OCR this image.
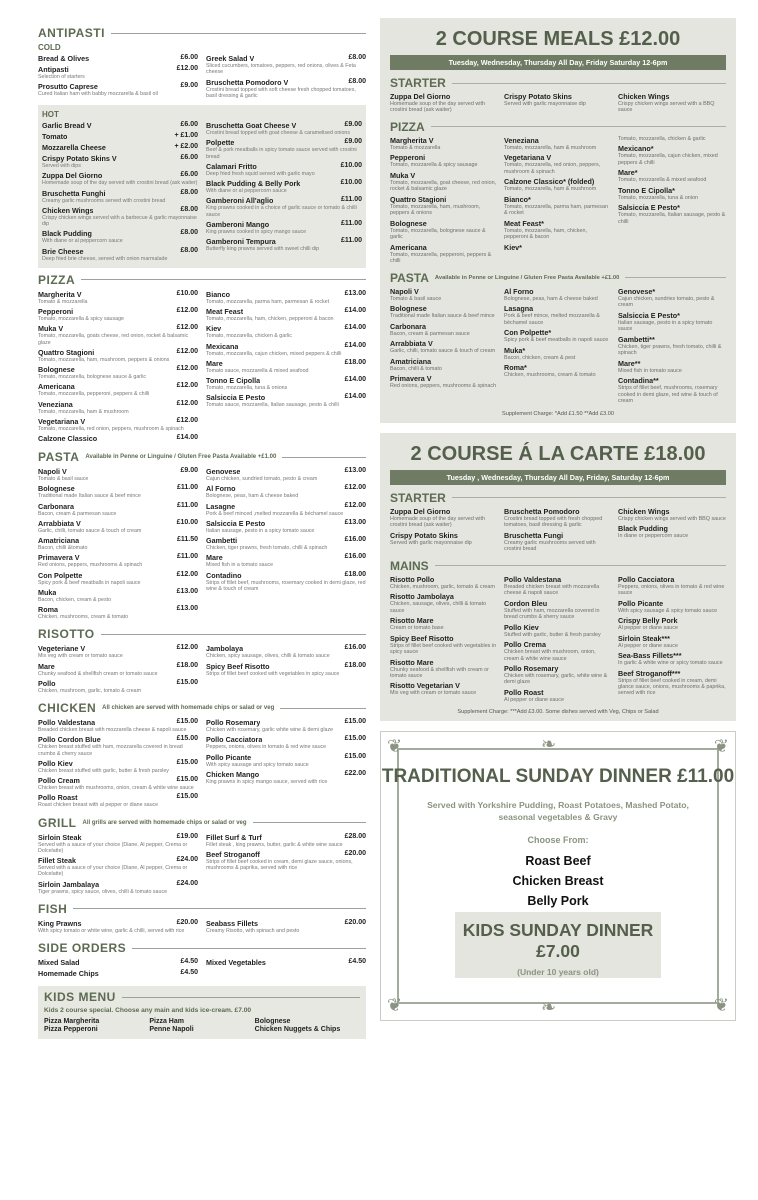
ANTIPASTI
COLD
Bread & Olives	£6.00
Antipasti	£12.00
Selection of starters
Prosutto Caprese	£9.00
Cured Italian ham with babby mozzarella & basil oil
Greek Salad V	£8.00
Sliced cucumbers, tomatoes, peppers, red onions, olives & Feta cheese
Bruschetta Pomodoro V	£8.00
Crostini bread topped with soft cheese fresh chopped tomatoes, basil dressing & garlic
HOT
Garlic Bread V	£6.00
Tomato	+ £1.00
Mozzarella Cheese	+ £2.00
Crispy Potato Skins V	£6.00
Served with dips
Zuppa Del Giorno	£6.00
Homemade soup of the day served with crostini bread (ask waiter)
Bruschetta Funghi	£8.00
Creamy garlic mushrooms served with crostini bread
Chicken Wings	£8.00
Crispy chicken wings served with a barbecue & garlic mayonnaise dip
Black Pudding	£8.00
With diane or al peppercorn sauce
Brie Cheese	£8.00
Deep fried brie cheese, served with onion marmalade
Bruschetta Goat Cheese V	£9.00
Crostini bread topped with goat cheese & caramelised onions
Polpette	£9.00
Beef & pork meatballs in spicy tomato sauce served with crostini bread
Calamari Fritto	£10.00
Deep fried fresh squid served with garlic mayo
Black Pudding & Belly Pork	£10.00
With diane or al peppercorn sauce
Gamberoni All'aglio	£11.00
King prawns cooked in a choice of garlic sauce or tomato & chilli sauce
Gamberoni Mango	£11.00
King prawns cooked in spicy mango sauce
Gamberoni Tempura	£11.00
Butterfly king prawns served with sweet chilli dip
PIZZA
Margherita V	£10.00
Tomato & mozzarella
Pepperoni	£12.00
Tomato, mozzarella & spicy sausage
Muka V	£12.00
Tomato, mozzarella, goats cheese, red onion, rocket & balsamic glaze
Quattro Stagioni	£12.00
Tomato, mozzarella, ham, mushroom, peppers & onions
Bolognese	£12.00
Tomato, mozzarella, bolognese sauce & garlic
Americana	£12.00
Tomato, mozzarella, pepperoni, peppers & chilli
Veneziana	£12.00
Tomato, mozzarella, ham & mushroom
Vegetariana V	£12.00
Tomato, mozzarella, red onion, peppers, mushroom & spinach
Calzone Classico	£14.00
Bianco	£13.00
Tomato, mozzarella, parma ham, parmesan & rocket
Meat Feast	£14.00
Tomato, mozzarella, ham, chicken, pepperoni & bacon
Kiev	£14.00
Tomato, mozzarella, chicken & garlic
Mexicana	£14.00
Tomato, mozzarella, cajun chicken, mixed peppers & chilli
Mare	£18.00
Tomato sauce, mozzarella & mixed seafood
Tonno E Cipolla	£14.00
Tomato, mozzarella, tuna & onions
Salsiccia E Pesto	£14.00
Tomato sauce, mozzarella, Italian sausage, pesto & chilli
PASTA Available in Penne or Linguine / Gluten Free Pasta Available +£1.00
Napoli V	£9.00
Tomato & basil sauce
Bolognese	£11.00
Traditional made Italian sauce & beef mince
Carbonara	£11.00
Bacon, cream & parmesan sauce
Arrabbiata V	£10.00
Garlic, chilli, tomato sauce & touch of cream
Amatriciana	£11.50
Bacon, chilli &tomato
Primavera V	£11.00
Red onions, peppers, mushrooms & spinach
Con Polpette	£12.00
Spicy pork & beef meatballs in napoli sauce
Muka	£13.00
Bacon, chicken, cream & pesto
Roma	£13.00
Chicken, mushrooms, cream & tomato
Genovese	£13.00
Cajun chicken, sundried tomato, pesto & cream
Al Forno	£12.00
Bolognese, peas, ham & cheese baked
Lasagne	£12.00
Pork & beef minced ,melted mozzarella & béchamel sauce
Salsiccia E Pesto	£13.00
Italian sausage, pesto in a spicy tomato sauce
Gambetti	£16.00
Chicken, tiger prawns, fresh tomato, chilli & spinach
Mare	£16.00
Mixed fish in a tomato sauce
Contadino	£18.00
Strips of fillet beef, mushrooms, rosemary cooked in demi glaze, red wine & touch of cream
RISOTTO
Vegeteriane V	£12.00
Mix veg with cream or tomato sauce
Mare	£18.00
Chunky seafood & shellfish cream or tomato sauce
Pollo	£15.00
Chicken, mushroom, garlic, tomato & cream
Jambolaya	£16.00
Chicken, spicy sausage, olives, chilli & tomato sauce
Spicy Beef Risotto	£18.00
Strips of fillet beef cooked with vegetables in spicy sauce
CHICKEN All chicken are served with homemade chips or salad or veg
Pollo Valdestana	£15.00
Breaded chicken breast with mozzarella cheese & napoli sauce
Pollo Cordon Blue	£15.00
Chicken breast stuffed with ham, mozzarella covered in bread crumbs & cherry sauce
Pollo Kiev	£15.00
Chicken breast stuffed with garlic, butter & fresh parsley
Pollo Cream	£15.00
Chicken breast with mushrooms, onion, cream & white wine sauce
Pollo Roast	£15.00
Roast chicken breast with al pepper or diane sauce
Pollo Rosemary	£15.00
Chicken with rosemary, garlic white wine & demi glaze
Pollo Cacciatora	£15.00
Peppers, onions, olives in tomato & red wine sauce
Pollo Picante	£15.00
With spicy sausage and spicy tomato sauce
Chicken Mango	£22.00
King prawns in spicy mango sauce, served with rice
GRILL All grills are served with homemade chips or salad or veg
Sirloin Steak	£19.00
Served with a sauce of your choice (Diane, Al pepper, Crema or Dolcelatte)
Fillet Steak	£24.00
Served with a sauce of your choice (Diane, Al pepper, Crema or Dolcelatte)
Sirloin Jambalaya	£24.00
Tiger prawns, spicy sauce, olives, chilli & tomato sauce
Fillet Surf & Turf	£28.00
Fillet steak , king prawns, butter, garlic & white wine sauce
Beef Stroganoff	£20.00
Strips of fillet beef cooked in cream, demi glaze sauce, onions, mushrooms & paprika, served with rice
FISH
King Prawns	£20.00
With spicy tomato or white wine, garlic & chilli, served with rice
Seabass Fillets	£20.00
Creamy Risotto, with spinach and pesto
SIDE ORDERS
Mixed Salad	£4.50
Homemade Chips	£4.50
Mixed Vegetables	£4.50
KIDS MENU
Kids 2 course special. Choose any main and kids ice-cream. £7.00
Pizza Margherita	Pizza Ham	Bolognese
Pizza Pepperoni	Penne Napoli	Chicken Nuggets & Chips
2 COURSE MEALS £12.00
Tuesday, Wednesday, Thursday All Day, Friday Saturday 12-6pm
STARTER
Zuppa Del Giorno
Homemade soup of the day served with crostini bread (ask waiter)
Crispy Potato Skins
Served with garlic mayonnaise dip
Chicken Wings
Crispy chicken wings served with a BBQ sauce
PIZZA
Margherita V
Tomato & mozzarella
Pepperoni
Tomato, mozzarella & spicy sausage
Muka V
Tomato, mozzarella, goat cheese, red onion, rocket & balsamic glaze
Quattro Stagioni
Tomato, mozzarella, ham, mushroom, peppers & onions
Bolognese
Tomato, mozzarella, bolognese sauce & garlic
Americana
Tomato, mozzarella, pepperoni, peppers & chilli
Veneziana
Tomato, mozzarella, ham & mushroom
Vegetariana V
Tomato, mozzarella, red onion, peppers, mushroom & spinach
Calzone Classico* (folded)
Tomato, mozzarella, ham & mushroom
Bianco*
Tomato, mozzarella, parma ham, parmesan & rocket
Meat Feast*
Tomato, mozzarella, ham, chicken, pepperoni & bacon
Kiev*
Tomato, mozzarella, chicken & garlic
Mexicano*
Tomato, mozzarella, cajun chicken, mixed peppers & chilli
Mare*
Tomato, mozzarella & mixed seafood
Tonno E Cipolla*
Tomato, mozzarella, tuna & onion
Salsiccia E Pesto*
Tomato, mozzarella, Italian sausage, pesto & chilli
PASTA Available in Penne or Linguine / Gluten Free Pasta Available +£1.00
Napoli V
Tomato & basil sauce
Bolognese
Traditional made Italian sauce & beef mince
Carbonara
Bacon, cream & parmesan sauce
Arrabbiata V
Garlic, chilli, tomato sauce & touch of cream
Amatriciana
Bacon, chilli & tomato
Primavera V
Red onions, peppers, mushrooms & spinach
Al Forno
Bolognese, peas, ham & cheese baked
Lasagna
Pork & beef mince, melted mozzarella & béchamel sauce
Con Polpette*
Spicy pork & beef meatballs in napoli sauce
Muka*
Bacon, chicken, cream & pest
Roma*
Chicken, mushrooms, cream & tomato
Genovese*
Cajun chicken, sundries tomato, pesto & cream
Salsiccia E Pesto*
Italian sausage, pesto in a spicy tomato sauce
Gambetti**
Chicken, tiger prawns, fresh tomato, chilli & spinach
Mare**
Mixed fish in tomato sauce
Contadina**
Strips of fillet beef, mushrooms, rosemary cooked in demi glaze, red wine & touch of cream
Supplement Charge: *Add £1.50 **Add £3.00
2 COURSE Á LA CARTE £18.00
Tuesday , Wednesday, Thursday All Day, Friday, Saturday 12-6pm
STARTER
Zuppa Del Giorno
Homemade soup of the day served with crostini bread (ask waiter)
Crispy Potato Skins
Served with garlic mayonnaise dip
Bruschetta Pomodoro
Crostini bread topped with fresh chopped tomatoes, basil dressing & garlic
Bruschetta Fungi
Creamy garlic mushrooms served with crostini bread
Chicken Wings
Crispy chicken wings served with BBQ sauce
Black Pudding
In diane or peppercorn sauce
MAINS
Risotto Pollo
Chicken, mushroom, garlic, tomato & cream
Risotto Jambolaya
Chicken, sausage, olives, chilli & tomato sauce
Risotto Mare
Cream or tomato base
Spicy Beef Risotto
Strips of fillet beef cooked with vegetables in spicy sauce
Risotto Mare
Chunky seafood & shellfish with cream or tomato sauce
Risotto Vegetarian V
Mix veg with cream or tomato sauce
Pollo Valdestana
Breaded chicken breast with mozzarella cheese & napoli sauce
Cordon Bleu
Stuffed with ham, mozzarella covered in bread crumbs & sherry sauce
Pollo Kiev
Stuffed with garlic, butter & fresh parsley
Pollo Crema
Chicken breast with mushroom, onion, cream & white wine sauce
Pollo Rosemary
Chicken with rosemary, garlic, white wine & demi glaze
Pollo Roast
Al pepper or diane sauce
Pollo Cacciatora
Peppers, onions, olives in tomato & red wine sauce
Pollo Picante
With spicy sausage & spicy tomato sauce
Crispy Belly Pork
Al pepper or diane sauce
Sirloin Steak***
Al pepper or diane sauce
Sea-Bass Fillets***
In garlic & white wine or spicy tomato sauce
Beef Stroganoff***
Strips of fillet beef cooked in cream, demi glance sauce, onions, mushrooms & paprika, served with rice
Supplement Charge: ***Add £3.00. Some dishes served with Veg, Chips or Salad
❦	❦
❦	❦
❧
❧
TRADITIONAL SUNDAY DINNER £11.00
Served with Yorkshire Pudding, Roast Potatoes, Mashed Potato, seasonal vegetables & Gravy
Choose From:
Roast Beef
Chicken Breast
Belly Pork
KIDS SUNDAY DINNER £7.00
(Under 10 years old)
